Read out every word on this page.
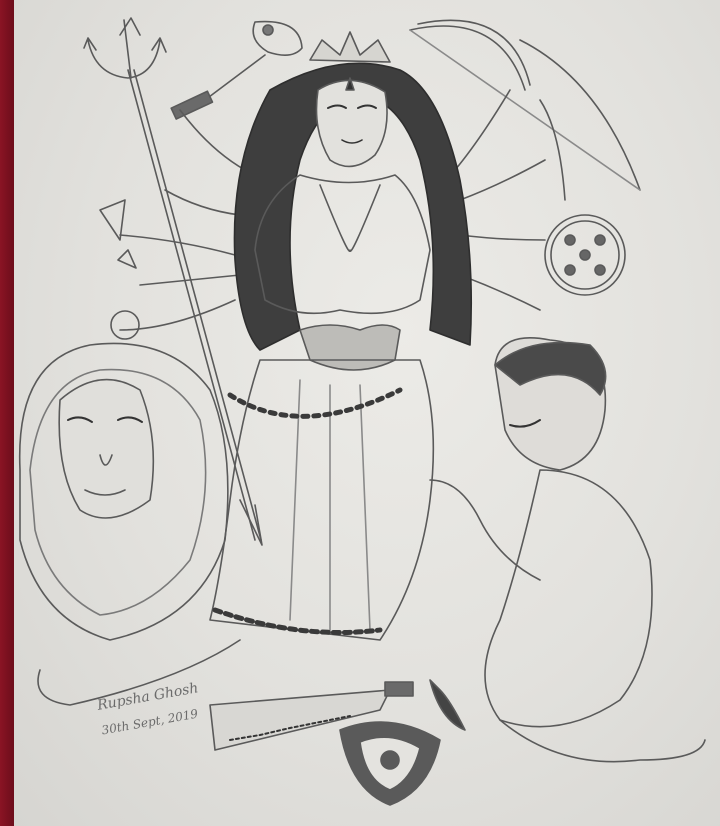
Rupsha Ghosh
30th Sept, 2019
